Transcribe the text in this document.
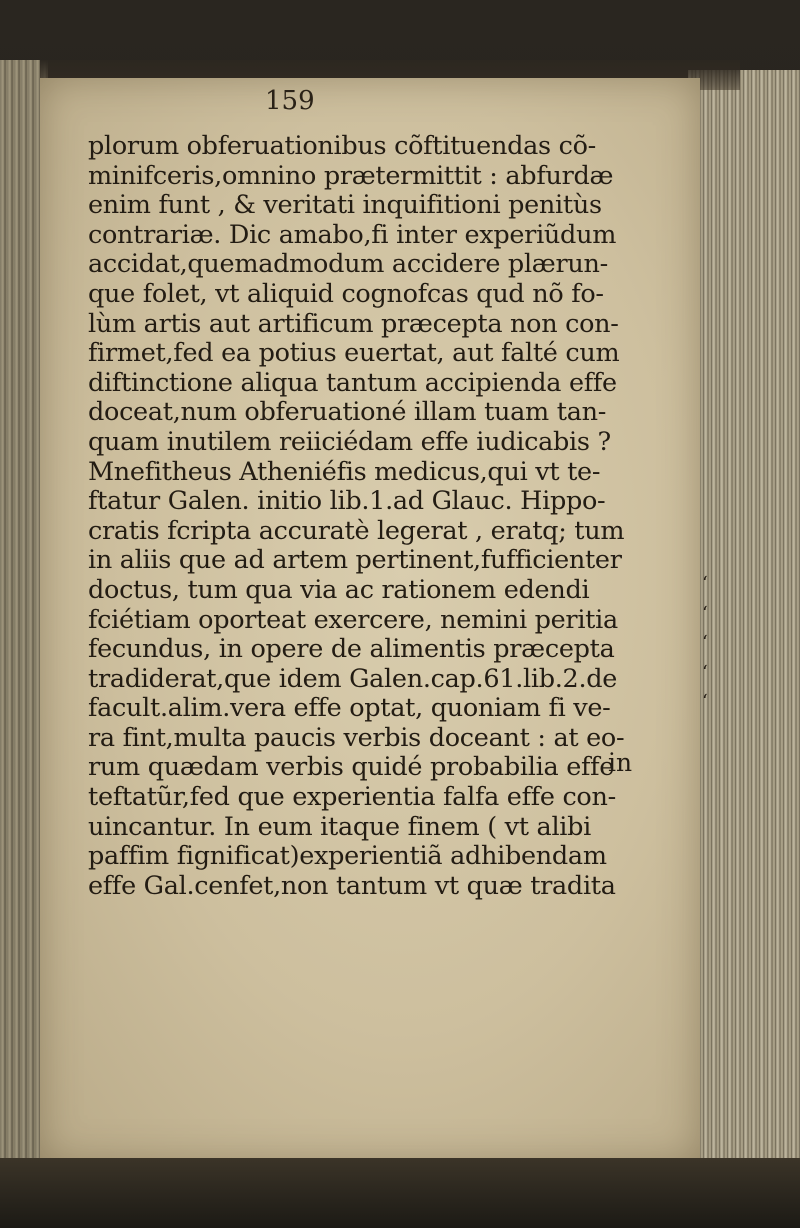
159
plorum obferuationibus cõftituendas cõ-
minifceris,omnino prætermittit : abfurdæ
enim funt , & veritati inquifitioni penitùs
contrariæ. Dic amabo,fi inter experiũdum
accidat,quemadmodum accidere plærun-
que folet, vt aliquid cognofcas qud nõ fo-
lùm artis aut artificum præcepta non con-
firmet,fed ea potius euertat, aut falté cum
diftinctione aliqua tantum accipienda effe
doceat,num obferuationé illam tuam tan-
quam inutilem reiiciédam effe iudicabis ?
Mnefitheus Atheniéfis medicus,qui vt te-
ftatur Galen. initio lib.1.ad Glauc. Hippo-
cratis fcripta accuratè legerat , eratq; tum
in aliis que ad artem pertinent,fufficienter
doctus, tum qua via ac rationem edendi
fciétiam oporteat exercere, nemini peritia
fecundus, in opere de alimentis præcepta
tradiderat,que idem Galen.cap.61.lib.2.de
facult.alim.vera effe optat, quoniam fi ve-
ra fint,multa paucis verbis doceant : at eo-
rum quædam verbis quidé probabilia effe
teftatũr,fed que experientia falfa effe con-
uincantur. In eum itaque finem ( vt alibi
paffim fignificat)experientiã adhibendam
effe Gal.cenfet,non tantum vt quæ tradita
‘
‘
‘
‘
‘
in
